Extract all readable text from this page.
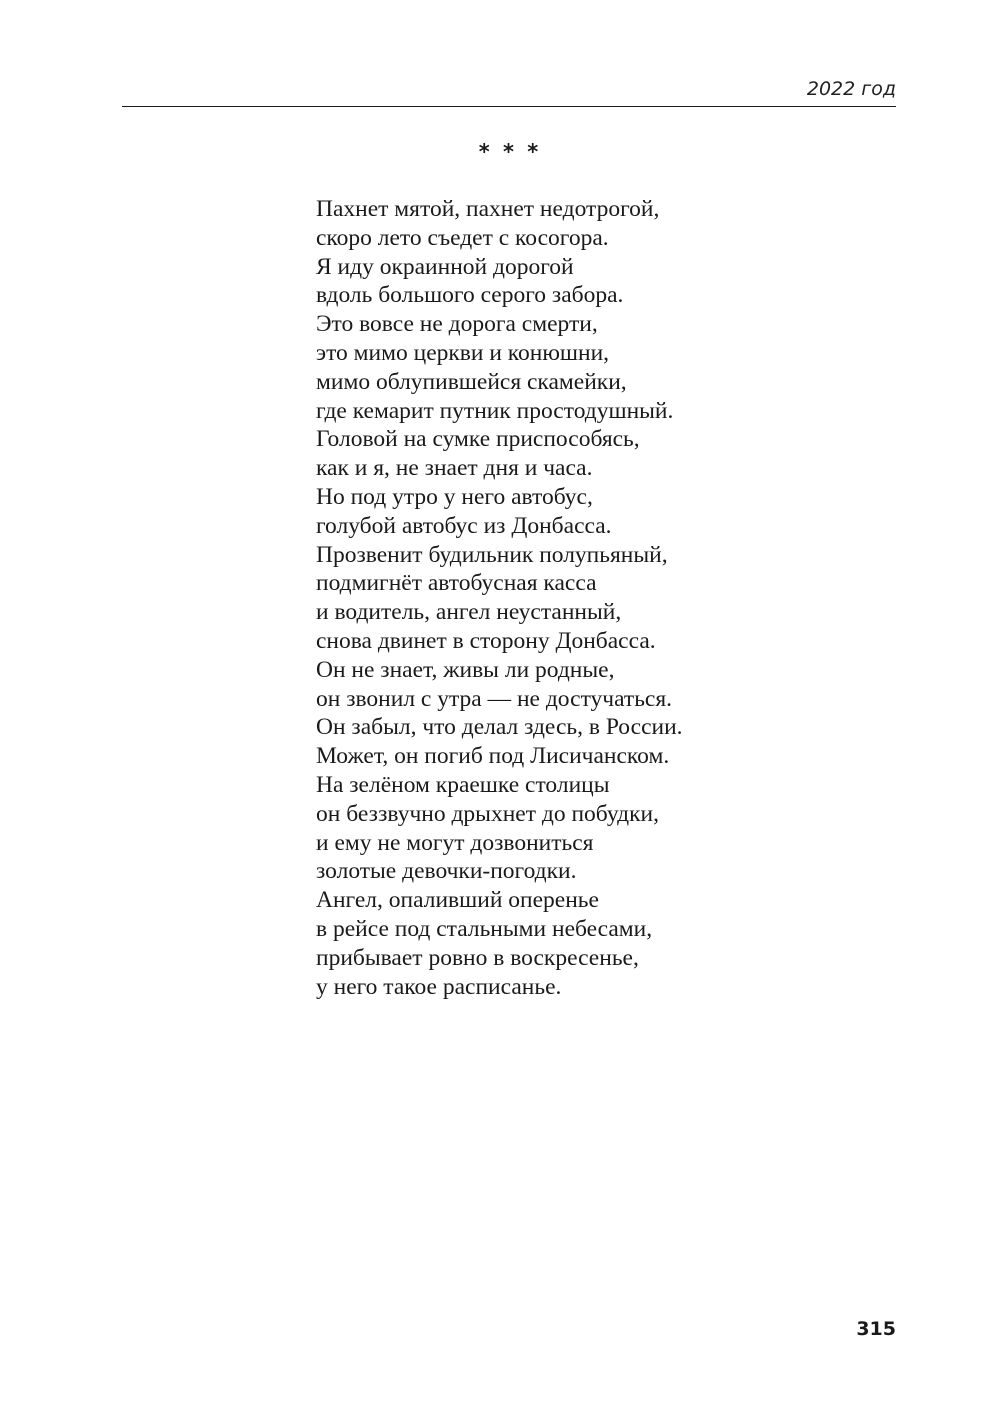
2022 год
* * *
Пахнет мятой, пахнет недотрогой,
скоро лето съедет с косогора.
Я иду окраинной дорогой
вдоль большого серого забора.
Это вовсе не дорога смерти,
это мимо церкви и конюшни,
мимо облупившейся скамейки,
где кемарит путник простодушный.
Головой на сумке приспособясь,
как и я, не знает дня и часа.
Но под утро у него автобус,
голубой автобус из Донбасса.
Прозвенит будильник полупьяный,
подмигнёт автобусная касса
и водитель, ангел неустанный,
снова двинет в сторону Донбасса.
Он не знает, живы ли родные,
он звонил с утра — не достучаться.
Он забыл, что делал здесь, в России.
Может, он погиб под Лисичанском.
На зелёном краешке столицы
он беззвучно дрыхнет до побудки,
и ему не могут дозвониться
золотые девочки-погодки.
Ангел, опаливший оперенье
в рейсе под стальными небесами,
прибывает ровно в воскресенье,
у него такое расписанье.
315
